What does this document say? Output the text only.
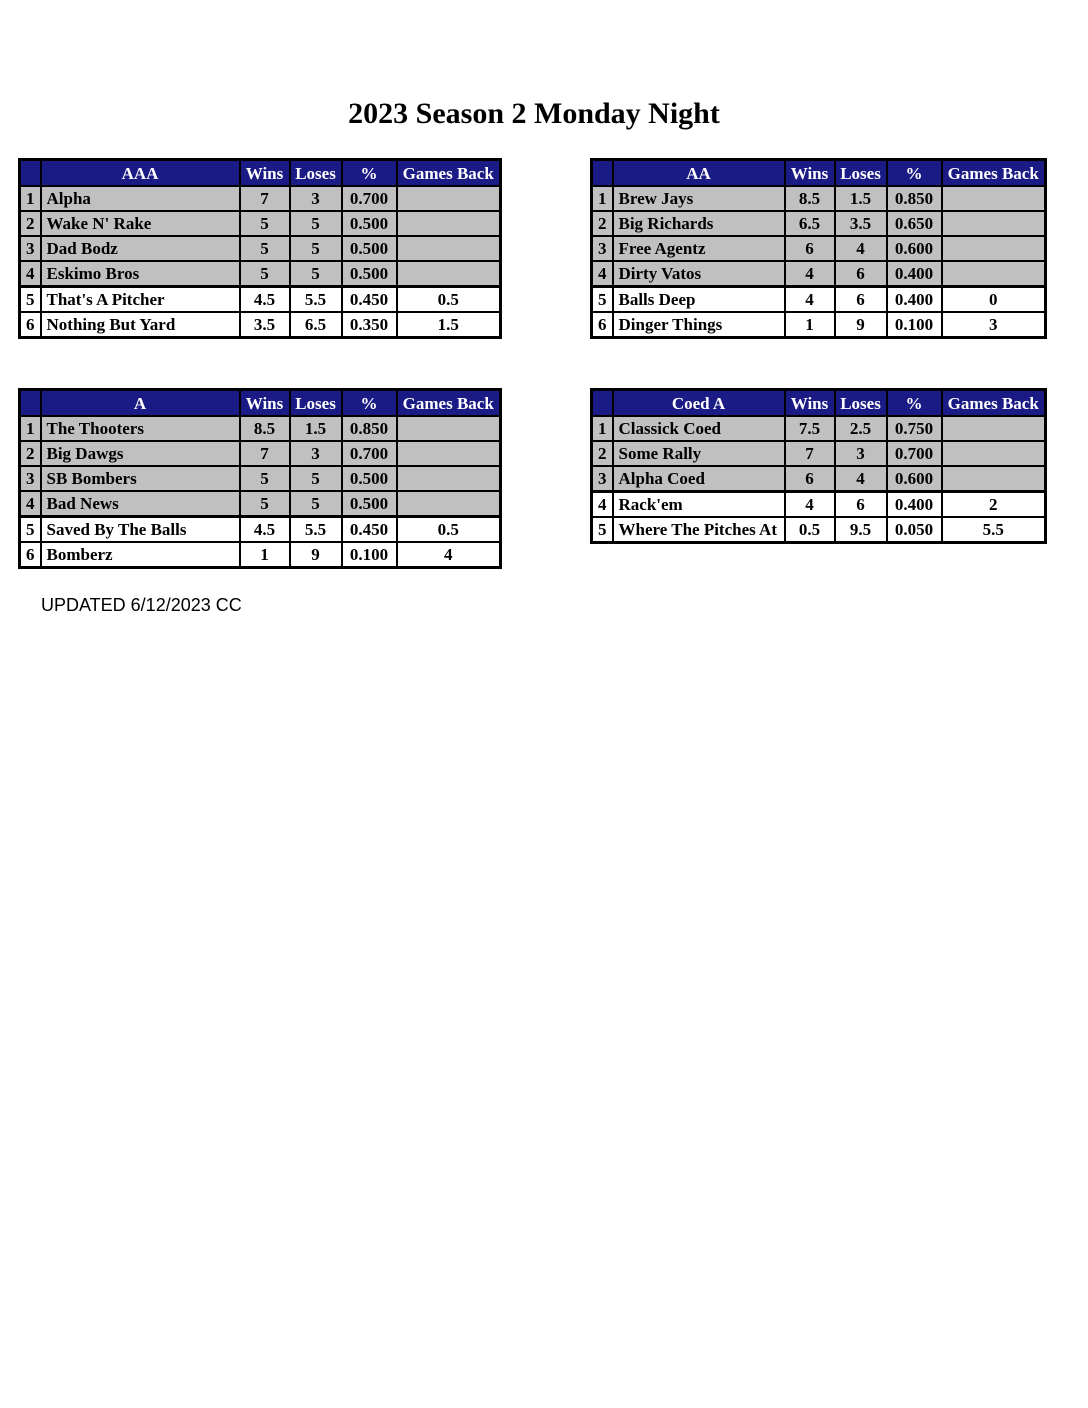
2023 Season 2 Monday Night
	AAA	Wins	Loses	%	Games Back
1	Alpha	7	3	0.700	
2	Wake N' Rake	5	5	0.500	
3	Dad Bodz	5	5	0.500	
4	Eskimo Bros	5	5	0.500	
5	That's A Pitcher	4.5	5.5	0.450	0.5
6	Nothing But Yard	3.5	6.5	0.350	1.5
	AA	Wins	Loses	%	Games Back
1	Brew Jays	8.5	1.5	0.850	
2	Big Richards	6.5	3.5	0.650	
3	Free Agentz	6	4	0.600	
4	Dirty Vatos	4	6	0.400	
5	Balls Deep	4	6	0.400	0
6	Dinger Things	1	9	0.100	3
	A	Wins	Loses	%	Games Back
1	The Thooters	8.5	1.5	0.850	
2	Big Dawgs	7	3	0.700	
3	SB Bombers	5	5	0.500	
4	Bad News	5	5	0.500	
5	Saved By The Balls	4.5	5.5	0.450	0.5
6	Bomberz	1	9	0.100	4
	Coed A	Wins	Loses	%	Games Back
1	Classick Coed	7.5	2.5	0.750	
2	Some Rally	7	3	0.700	
3	Alpha Coed	6	4	0.600	
4	Rack'em	4	6	0.400	2
5	Where The Pitches At	0.5	9.5	0.050	5.5
UPDATED 6/12/2023 CC
